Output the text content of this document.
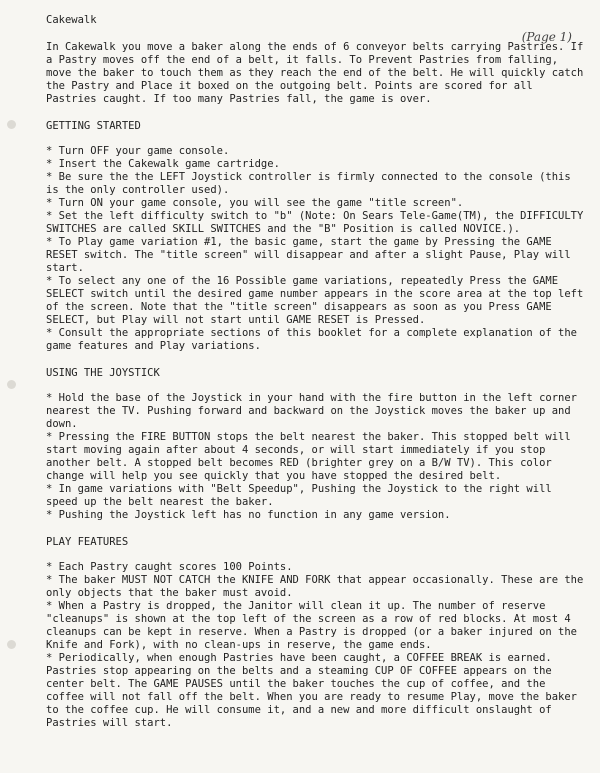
(Page 1)
Cakewalk

In Cakewalk you move a baker along the ends of 6 conveyor belts carrying Pastries. If a Pastry moves off the end of a belt, it falls. To Prevent Pastries from falling, move the baker to touch them as they reach the end of the belt. He will quickly catch the Pastry and Place it boxed on the outgoing belt. Points are scored for all Pastries caught. If too many Pastries fall, the game is over.

GETTING STARTED
* Turn OFF your game console.
* Insert the Cakewalk game cartridge.
* Be sure the the LEFT Joystick controller is firmly connected to the console (this is the only controller used).
* Turn ON your game console, you will see the game "title screen".
* Set the left difficulty switch to "b" (Note: On Sears Tele-Game(TM), the DIFFICULTY SWITCHES are called SKILL SWITCHES and the "B" Position is called NOVICE.).
* To Play game variation #1, the basic game, start the game by Pressing the GAME RESET switch. The "title screen" will disappear and after a slight Pause, Play will start.
* To select any one of the 16 Possible game variations, repeatedly Press the GAME SELECT switch until the desired game number appears in the score area at the top left of the screen. Note that the "title screen" disappears as soon as you Press GAME SELECT, but Play will not start until GAME RESET is Pressed.
* Consult the appropriate sections of this booklet for a complete explanation of the game features and Play variations.
USING THE JOYSTICK
* Hold the base of the Joystick in your hand with the fire button in the left corner nearest the TV. Pushing forward and backward on the Joystick moves the baker up and down.
* Pressing the FIRE BUTTON stops the belt nearest the baker. This stopped belt will start moving again after about 4 seconds, or will start immediately if you stop another belt. A stopped belt becomes RED (brighter grey on a B/W TV). This color change will help you see quickly that you have stopped the desired belt.
* In game variations with "Belt Speedup", Pushing the Joystick to the right will speed up the belt nearest the baker.
* Pushing the Joystick left has no function in any game version.
PLAY FEATURES
* Each Pastry caught scores 100 Points.
* The baker MUST NOT CATCH the KNIFE AND FORK that appear occasionally. These are the only objects that the baker must avoid.
* When a Pastry is dropped, the Janitor will clean it up. The number of reserve "cleanups" is shown at the top left of the screen as a row of red blocks. At most 4 cleanups can be kept in reserve. When a Pastry is dropped (or a baker injured on the Knife and Fork), with no clean-ups in reserve, the game ends.
* Periodically, when enough Pastries have been caught, a COFFEE BREAK is earned. Pastries stop appearing on the belts and a steaming CUP OF COFFEE appears on the center belt. The GAME PAUSES until the baker touches the cup of coffee, and the coffee will not fall off the belt. When you are ready to resume Play, move the baker to the coffee cup. He will consume it, and a new and more difficult onslaught of Pastries will start.
